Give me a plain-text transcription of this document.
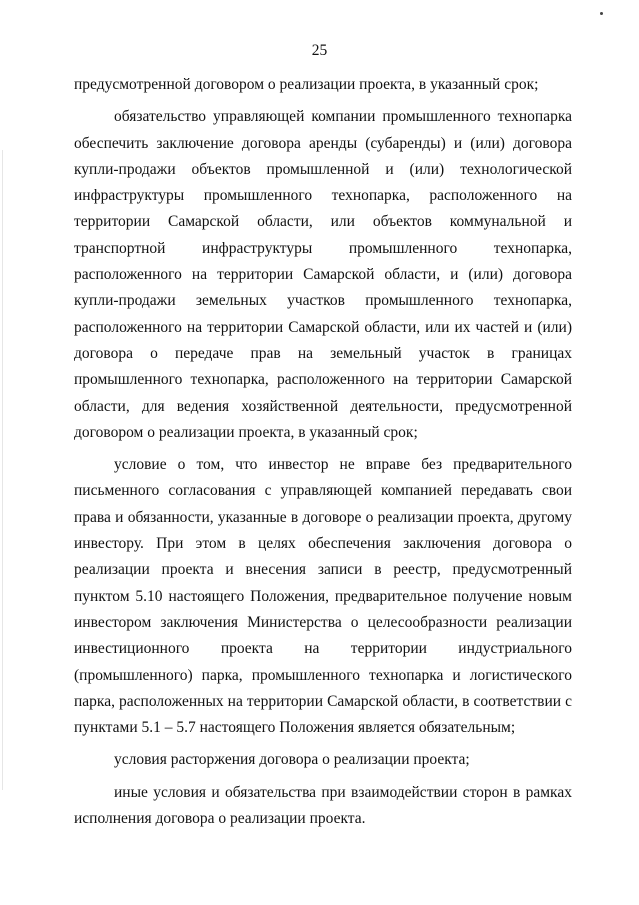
25

предусмотренной договором о реализации проекта, в указанный срок;

обязательство управляющей компании промышленного технопарка обеспечить заключение договора аренды (субаренды) и (или) договора купли-продажи объектов промышленной и (или) технологической инфраструктуры промышленного технопарка, расположенного на территории Самарской области, или объектов коммунальной и транспортной инфраструктуры промышленного технопарка, расположенного на территории Самарской области, и (или) договора купли-продажи земельных участков промышленного технопарка, расположенного на территории Самарской области, или их частей и (или) договора о передаче прав на земельный участок в границах промышленного технопарка, расположенного на территории Самарской области, для ведения хозяйственной деятельности, предусмотренной договором о реализации проекта, в указанный срок;

условие о том, что инвестор не вправе без предварительного письменного согласования с управляющей компанией передавать свои права и обязанности, указанные в договоре о реализации проекта, другому инвестору. При этом в целях обеспечения заключения договора о реализации проекта и внесения записи в реестр, предусмотренный пунктом 5.10 настоящего Положения, предварительное получение новым инвестором заключения Министерства о целесообразности реализации инвестиционного проекта на территории индустриального (промышленного) парка, промышленного технопарка и логистического парка, расположенных на территории Самарской области, в соответствии с пунктами 5.1 – 5.7 настоящего Положения является обязательным;

условия расторжения договора о реализации проекта;

иные условия и обязательства при взаимодействии сторон в рамках исполнения договора о реализации проекта.
